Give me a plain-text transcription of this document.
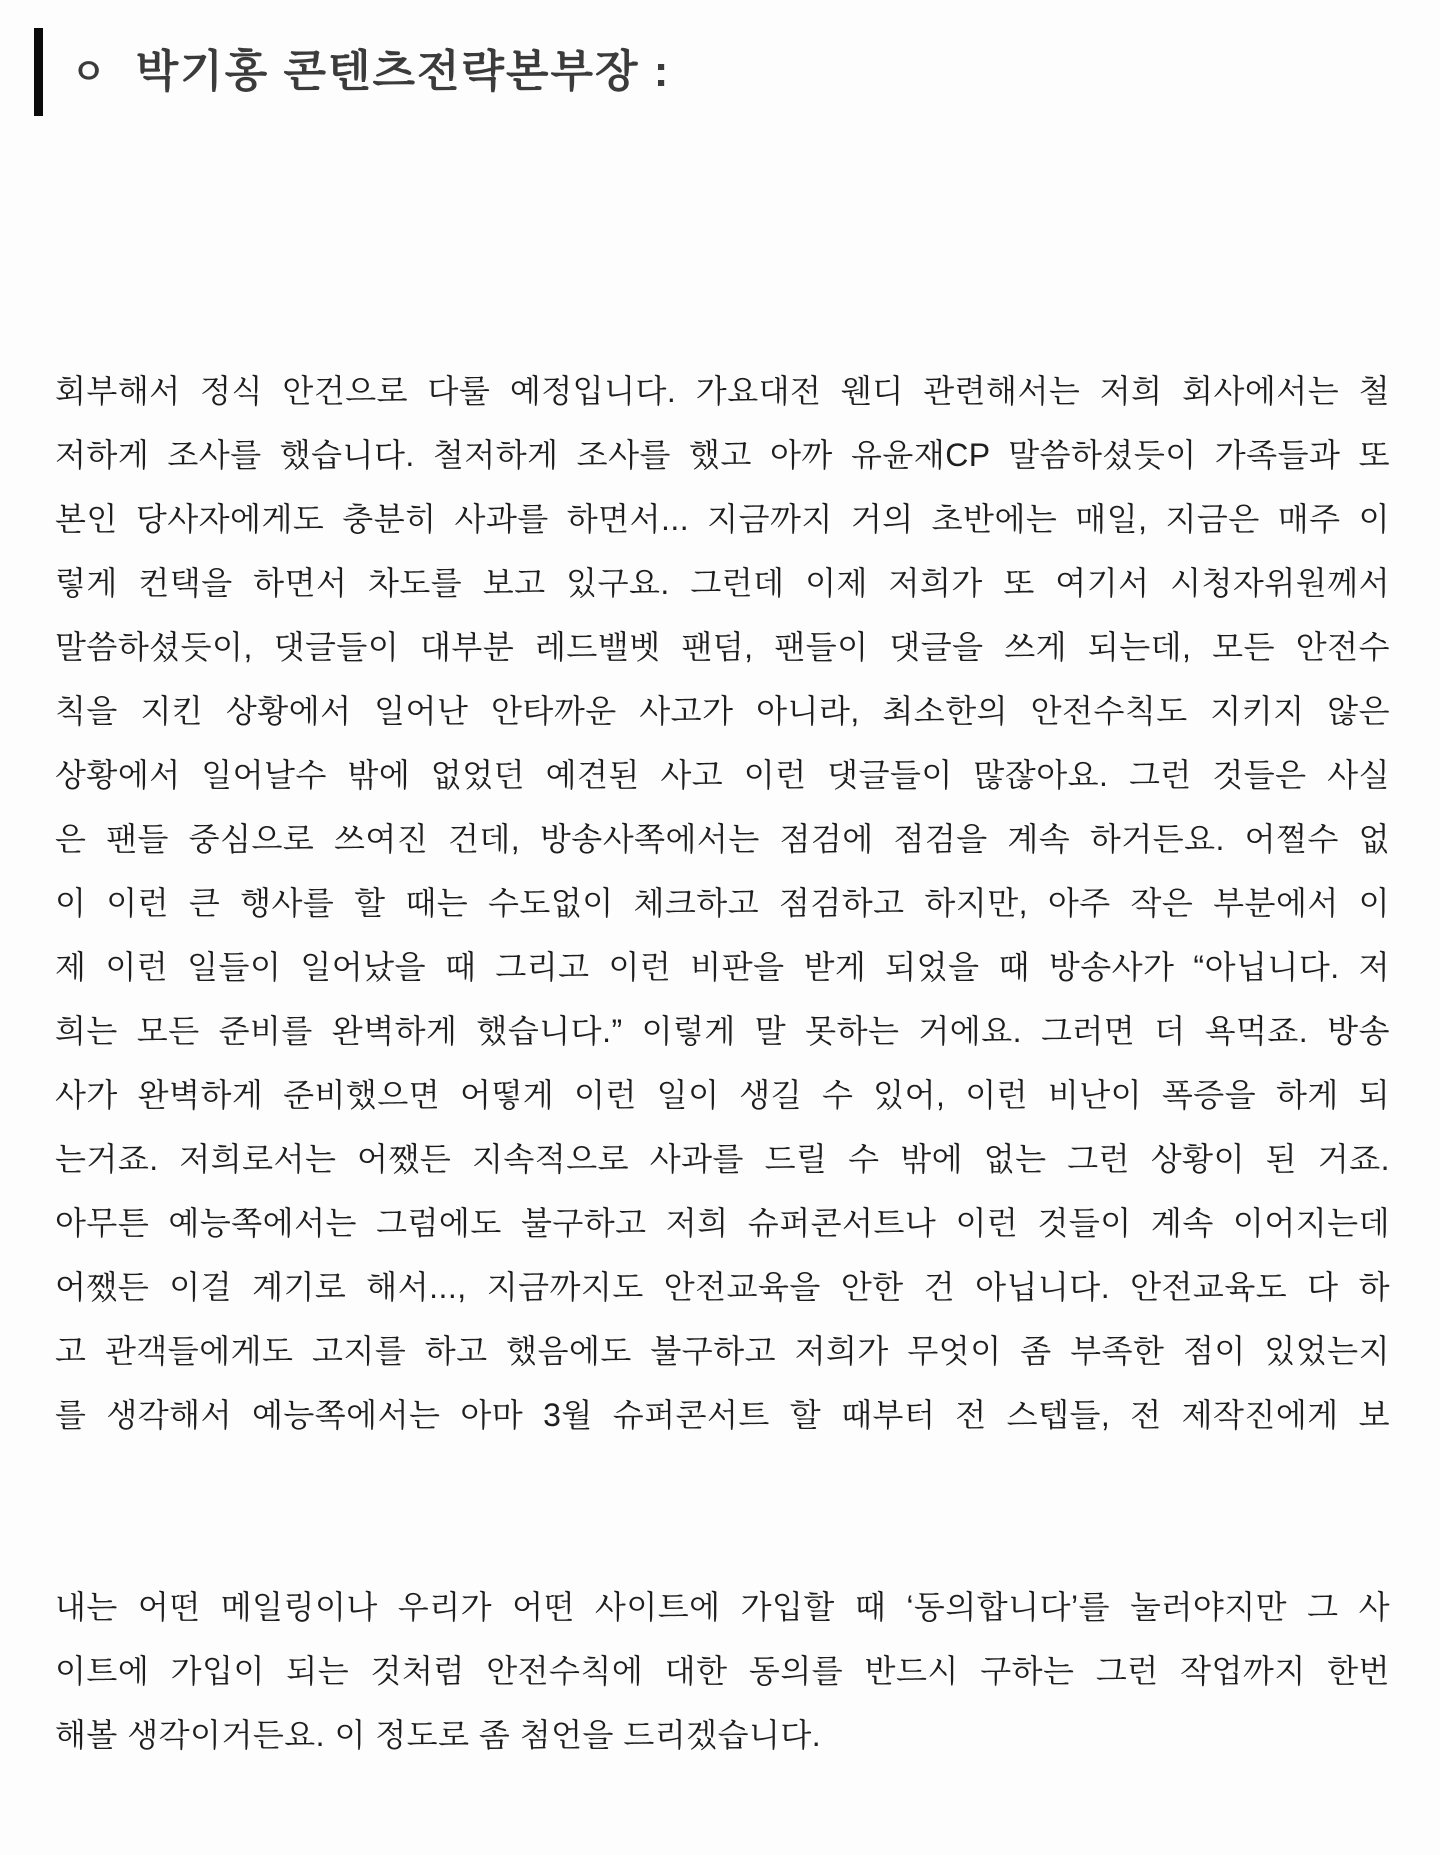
ㅇ 박기홍 콘텐츠전략본부장 :
회부해서 정식 안건으로 다룰 예정입니다. 가요대전 웬디 관련해서는 저희 회사에서는 철
저하게 조사를 했습니다. 철저하게 조사를 했고 아까 유윤재CP 말씀하셨듯이 가족들과 또
본인 당사자에게도 충분히 사과를 하면서... 지금까지 거의 초반에는 매일, 지금은 매주 이
렇게 컨택을 하면서 차도를 보고 있구요. 그런데 이제 저희가 또 여기서 시청자위원께서
말씀하셨듯이, 댓글들이 대부분 레드밸벳 팬덤, 팬들이 댓글을 쓰게 되는데, 모든 안전수
칙을 지킨 상황에서 일어난 안타까운 사고가 아니라, 최소한의 안전수칙도 지키지 않은
상황에서 일어날수 밖에 없었던 예견된 사고 이런 댓글들이 많잖아요. 그런 것들은 사실
은 팬들 중심으로 쓰여진 건데, 방송사쪽에서는 점검에 점검을 계속 하거든요. 어쩔수 없
이 이런 큰 행사를 할 때는 수도없이 체크하고 점검하고 하지만, 아주 작은 부분에서 이
제 이런 일들이 일어났을 때 그리고 이런 비판을 받게 되었을 때 방송사가 “아닙니다. 저
희는 모든 준비를 완벽하게 했습니다.” 이렇게 말 못하는 거에요. 그러면 더 욕먹죠. 방송
사가 완벽하게 준비했으면 어떻게 이런 일이 생길 수 있어, 이런 비난이 폭증을 하게 되
는거죠. 저희로서는 어쨌든 지속적으로 사과를 드릴 수 밖에 없는 그런 상황이 된 거죠.
아무튼 예능쪽에서는 그럼에도 불구하고 저희 슈퍼콘서트나 이런 것들이 계속 이어지는데
어쨌든 이걸 계기로 해서..., 지금까지도 안전교육을 안한 건 아닙니다. 안전교육도 다 하
고 관객들에게도 고지를 하고 했음에도 불구하고 저희가 무엇이 좀 부족한 점이 있었는지
를 생각해서 예능쪽에서는 아마 3월 슈퍼콘서트 할 때부터 전 스텝들, 전 제작진에게 보
내는 어떤 메일링이나 우리가 어떤 사이트에 가입할 때 ‘동의합니다’를 눌러야지만 그 사
이트에 가입이 되는 것처럼 안전수칙에 대한 동의를 반드시 구하는 그런 작업까지 한번
해볼 생각이거든요. 이 정도로 좀 첨언을 드리겠습니다.
